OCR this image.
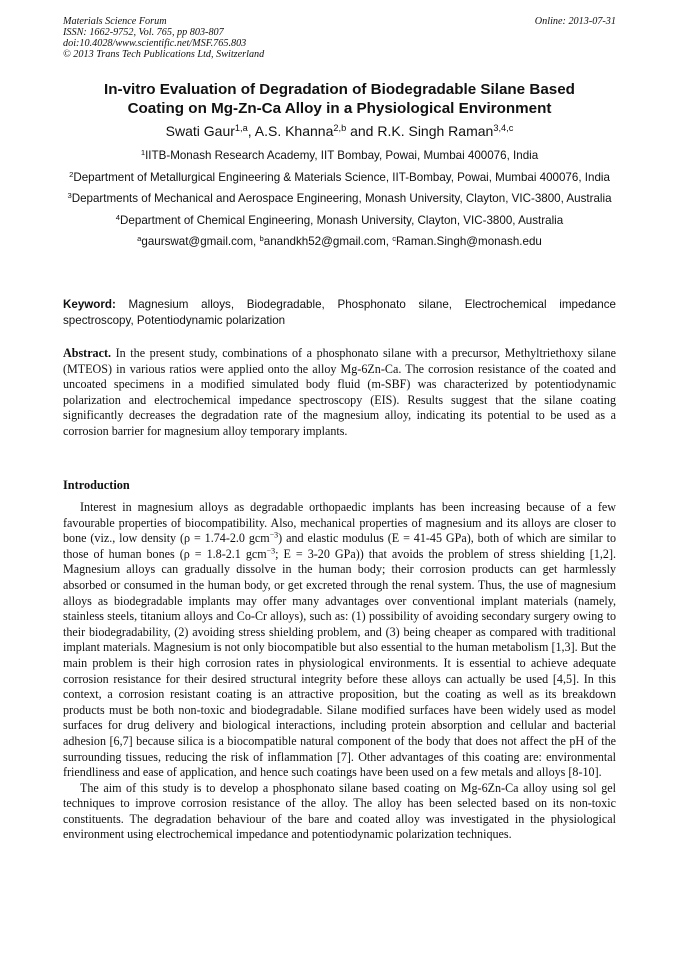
Materials Science Forum
ISSN: 1662-9752, Vol. 765, pp 803-807
doi:10.4028/www.scientific.net/MSF.765.803
© 2013 Trans Tech Publications Ltd, Switzerland
Online: 2013-07-31
In-vitro Evaluation of Degradation of Biodegradable Silane Based
Coating on Mg-Zn-Ca Alloy in a Physiological Environment
Swati Gaur$^{1,a}$, A.S. Khanna$^{2,b}$ and R.K. Singh Raman$^{3,4,c}$

$^1$IITB-Monash Research Academy, IIT Bombay, Powai, Mumbai 400076, India

$^2$Department of Metallurgical Engineering & Materials Science, IIT-Bombay, Powai, Mumbai 400076, India

$^3$Departments of Mechanical and Aerospace Engineering, Monash University, Clayton, VIC-3800, Australia

$^4$Department of Chemical Engineering, Monash University, Clayton, VIC-3800, Australia

$^a$gaurswat@gmail.com, $^b$anandkh52@gmail.com, $^c$Raman.Singh@monash.edu

Keyword: Magnesium alloys, Biodegradable, Phosphonato silane, Electrochemical impedance spectroscopy, Potentiodynamic polarization
Abstract. In the present study, combinations of a phosphonato silane with a precursor, Methyltriethoxy silane (MTEOS) in various ratios were applied onto the alloy Mg-6Zn-Ca. The corrosion resistance of the coated and uncoated specimens in a modified simulated body fluid (m-SBF) was characterized by potentiodynamic polarization and electrochemical impedance spectroscopy (EIS). Results suggest that the silane coating significantly decreases the degradation rate of the magnesium alloy, indicating its potential to be used as a corrosion barrier for magnesium alloy temporary implants.
Introduction

Interest in magnesium alloys as degradable orthopaedic implants has been increasing because of a few favourable properties of biocompatibility. Also, mechanical properties of magnesium and its alloys are closer to bone (viz., low density (ρ = 1.74-2.0 gcm$^{-3}$) and elastic modulus (E = 41-45 GPa), both of which are similar to those of human bones (ρ = 1.8-2.1 gcm$^{-3}$; E = 3-20 GPa)) that avoids the problem of stress shielding [1,2]. Magnesium alloys can gradually dissolve in the human body; their corrosion products can get harmlessly absorbed or consumed in the human body, or get excreted through the renal system. Thus, the use of magnesium alloys as biodegradable implants may offer many advantages over conventional implant materials (namely, stainless steels, titanium alloys and Co-Cr alloys), such as: (1) possibility of avoiding secondary surgery owing to their biodegradability, (2) avoiding stress shielding problem, and (3) being cheaper as compared with traditional implant materials. Magnesium is not only biocompatible but also essential to the human metabolism [1,3]. But the main problem is their high corrosion rates in physiological environments. It is essential to achieve adequate corrosion resistance for their desired structural integrity before these alloys can actually be used [4,5]. In this context, a corrosion resistant coating is an attractive proposition, but the coating as well as its breakdown products must be both non-toxic and biodegradable. Silane modified surfaces have been widely used as model surfaces for drug delivery and biological interactions, including protein absorption and cellular and bacterial adhesion [6,7] because silica is a biocompatible natural component of the body that does not affect the pH of the surrounding tissues, reducing the risk of inflammation [7]. Other advantages of this coating are: environmental friendliness and ease of application, and hence such coatings have been used on a few metals and alloys [8-10].

The aim of this study is to develop a phosphonato silane based coating on Mg-6Zn-Ca alloy using sol gel techniques to improve corrosion resistance of the alloy. The alloy has been selected based on its non-toxic constituents. The degradation behaviour of the bare and coated alloy was investigated in the physiological environment using electrochemical impedance and potentiodynamic polarization techniques.
